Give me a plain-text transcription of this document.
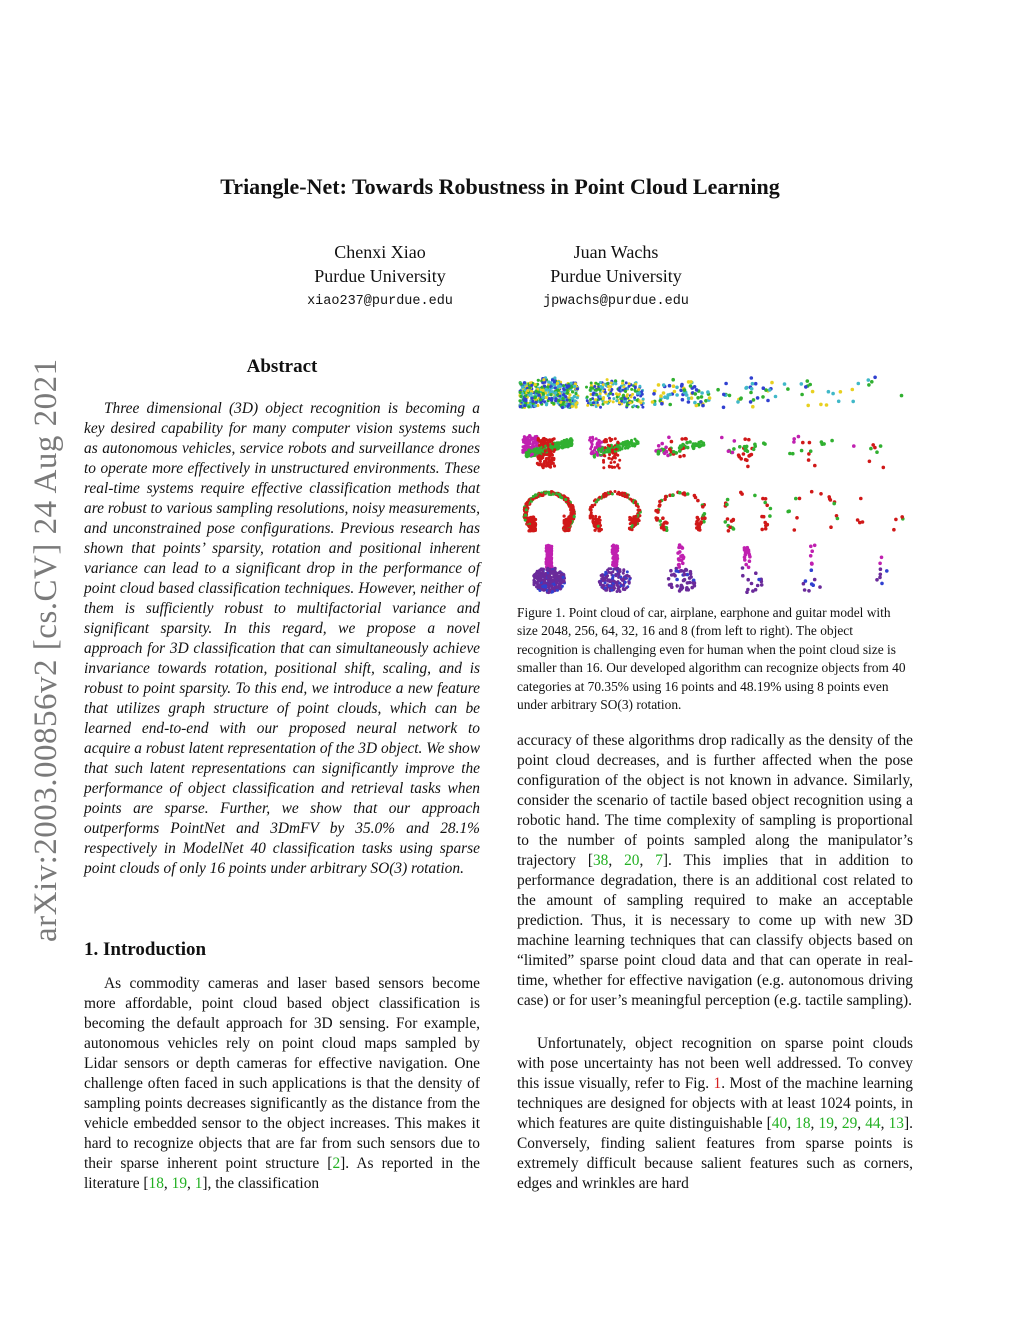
Triangle-Net: Towards Robustness in Point Cloud Learning
Chenxi Xiao
Purdue University
xiao237@purdue.edu
Juan Wachs
Purdue University
jpwachs@purdue.edu
arXiv:2003.00856v2 [cs.CV] 24 Aug 2021	Abstract
Three dimensional (3D) object recognition is becoming a key desired capability for many computer vision systems such as autonomous vehicles, service robots and surveillance drones to operate more effectively in unstructured environments. These real-time systems require effective classification methods that are robust to various sampling resolutions, noisy measurements, and unconstrained pose configurations. Previous research has shown that points’ sparsity, rotation and positional inherent variance can lead to a significant drop in the performance of point cloud based classification techniques. However, neither of them is sufficiently robust to multifactorial variance and significant sparsity. In this regard, we propose a novel approach for 3D classification that can simultaneously achieve invariance towards rotation, positional shift, scaling, and is robust to point sparsity. To this end, we introduce a new feature that utilizes graph structure of point clouds, which can be learned end-to-end with our proposed neural network to acquire a robust latent representation of the 3D object. We show that such latent representations can significantly improve the performance of object classification and retrieval tasks when points are sparse. Further, we show that our approach outperforms PointNet and 3DmFV by 35.0% and 28.1% respectively in ModelNet 40 classification tasks using sparse point clouds of only 16 points under arbitrary SO(3) rotation.
1. Introduction
As commodity cameras and laser based sensors become more affordable, point cloud based object classification is becoming the default approach for 3D sensing. For example, autonomous vehicles rely on point cloud maps sampled by Lidar sensors or depth cameras for effective navigation. One challenge often faced in such applications is that the density of sampling points decreases significantly as the distance from the vehicle embedded sensor to the object increases. This makes it hard to recognize objects that are far from such sensors due to their sparse inherent point structure [2]. As reported in the literature [18, 19, 1], the classification
accuracy of these algorithms drop radically as the density of the point cloud decreases, and is further affected when the pose configuration of the object is not known in advance. Similarly, consider the scenario of tactile based object recognition using a robotic hand. The time complexity of sampling is proportional to the number of points sampled along the manipulator’s trajectory [38, 20, 7]. This implies that in addition to performance degradation, there is an additional cost related to the amount of sampling required to make an acceptable prediction. Thus, it is necessary to come up with new 3D machine learning techniques that can classify objects based on “limited” sparse point cloud data and that can operate in real-time, whether for effective navigation (e.g. autonomous driving case) or for user’s meaningful perception (e.g. tactile sampling).
Unfortunately, object recognition on sparse point clouds with pose uncertainty has not been well addressed. To convey this issue visually, refer to Fig. 1. Most of the machine learning techniques are designed for objects with at least 1024 points, in which features are quite distinguishable [40, 18, 19, 29, 44, 13]. Conversely, finding salient features from sparse points is extremely difficult because salient features such as corners, edges and wrinkles are hard
Figure 1. Point cloud of car, airplane, earphone and guitar model with size 2048, 256, 64, 32, 16 and 8 (from left to right). The object recognition is challenging even for human when the point cloud size is smaller than 16. Our developed algorithm can recognize objects from 40 categories at 70.35% using 16 points and 48.19% using 8 points even under arbitrary SO(3) rotation.
